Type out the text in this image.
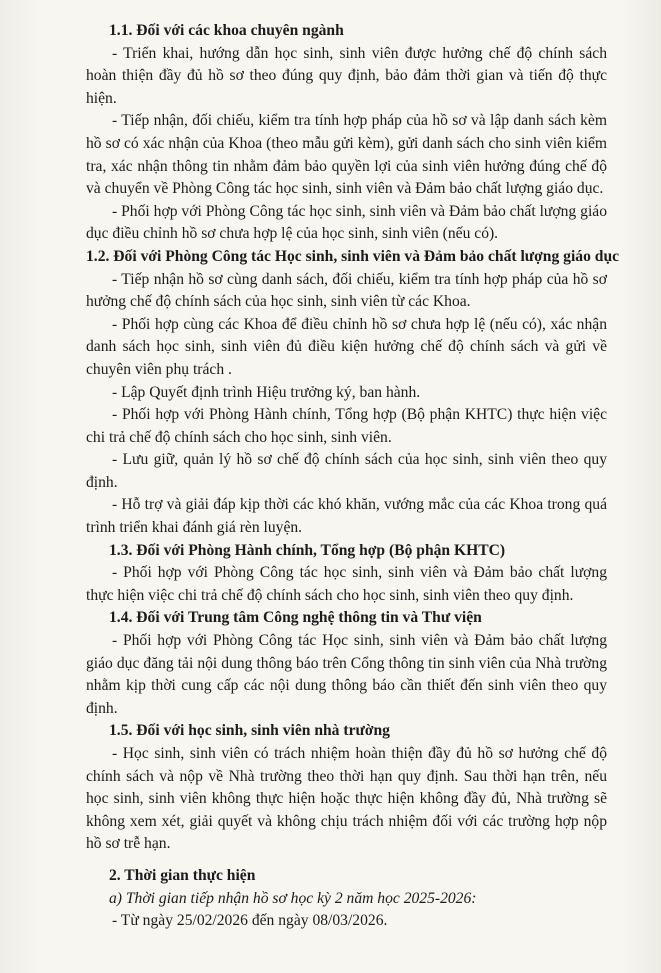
1.1. Đối với các khoa chuyên ngành

- Triển khai, hướng dẫn học sinh, sinh viên được hưởng chế độ chính sách hoàn thiện đầy đủ hồ sơ theo đúng quy định, bảo đảm thời gian và tiến độ thực hiện.

- Tiếp nhận, đối chiếu, kiểm tra tính hợp pháp của hồ sơ và lập danh sách kèm hồ sơ có xác nhận của Khoa (theo mẫu gửi kèm), gửi danh sách cho sinh viên kiểm tra, xác nhận thông tin nhằm đảm bảo quyền lợi của sinh viên hưởng đúng chế độ và chuyển về Phòng Công tác học sinh, sinh viên và Đảm bảo chất lượng giáo dục.

- Phối hợp với Phòng Công tác học sinh, sinh viên và Đảm bảo chất lượng giáo dục điều chỉnh hồ sơ chưa hợp lệ của học sinh, sinh viên (nếu có).

1.2. Đối với Phòng Công tác Học sinh, sinh viên và Đảm bảo chất lượng giáo dục

- Tiếp nhận hồ sơ cùng danh sách, đối chiếu, kiểm tra tính hợp pháp của hồ sơ hưởng chế độ chính sách của học sinh, sinh viên từ các Khoa.

- Phối hợp cùng các Khoa để điều chỉnh hồ sơ chưa hợp lệ (nếu có), xác nhận danh sách học sinh, sinh viên đủ điều kiện hưởng chế độ chính sách và gửi về chuyên viên phụ trách .

- Lập Quyết định trình Hiệu trưởng ký, ban hành.

- Phối hợp với Phòng Hành chính, Tổng hợp (Bộ phận KHTC) thực hiện việc chi trả chế độ chính sách cho học sinh, sinh viên.

- Lưu giữ, quản lý hồ sơ chế độ chính sách của học sinh, sinh viên theo quy định.

- Hỗ trợ và giải đáp kịp thời các khó khăn, vướng mắc của các Khoa trong quá trình triển khai đánh giá rèn luyện.

1.3. Đối với Phòng Hành chính, Tổng hợp (Bộ phận KHTC)

- Phối hợp với Phòng Công tác học sinh, sinh viên và Đảm bảo chất lượng thực hiện việc chi trả chế độ chính sách cho học sinh, sinh viên theo quy định.

1.4. Đối với Trung tâm Công nghệ thông tin và Thư viện

- Phối hợp với Phòng Công tác Học sinh, sinh viên và Đảm bảo chất lượng giáo dục đăng tải nội dung thông báo trên Cổng thông tin sinh viên của Nhà trường nhằm kịp thời cung cấp các nội dung thông báo cần thiết đến sinh viên theo quy định.

1.5. Đối với học sinh, sinh viên nhà trường

- Học sinh, sinh viên có trách nhiệm hoàn thiện đầy đủ hồ sơ hưởng chế độ chính sách và nộp về Nhà trường theo thời hạn quy định. Sau thời hạn trên, nếu học sinh, sinh viên không thực hiện hoặc thực hiện không đầy đủ, Nhà trường sẽ không xem xét, giải quyết và không chịu trách nhiệm đối với các trường hợp nộp hồ sơ trễ hạn.

2. Thời gian thực hiện

a) Thời gian tiếp nhận hồ sơ học kỳ 2 năm học 2025-2026:

- Từ ngày 25/02/2026 đến ngày 08/03/2026.
